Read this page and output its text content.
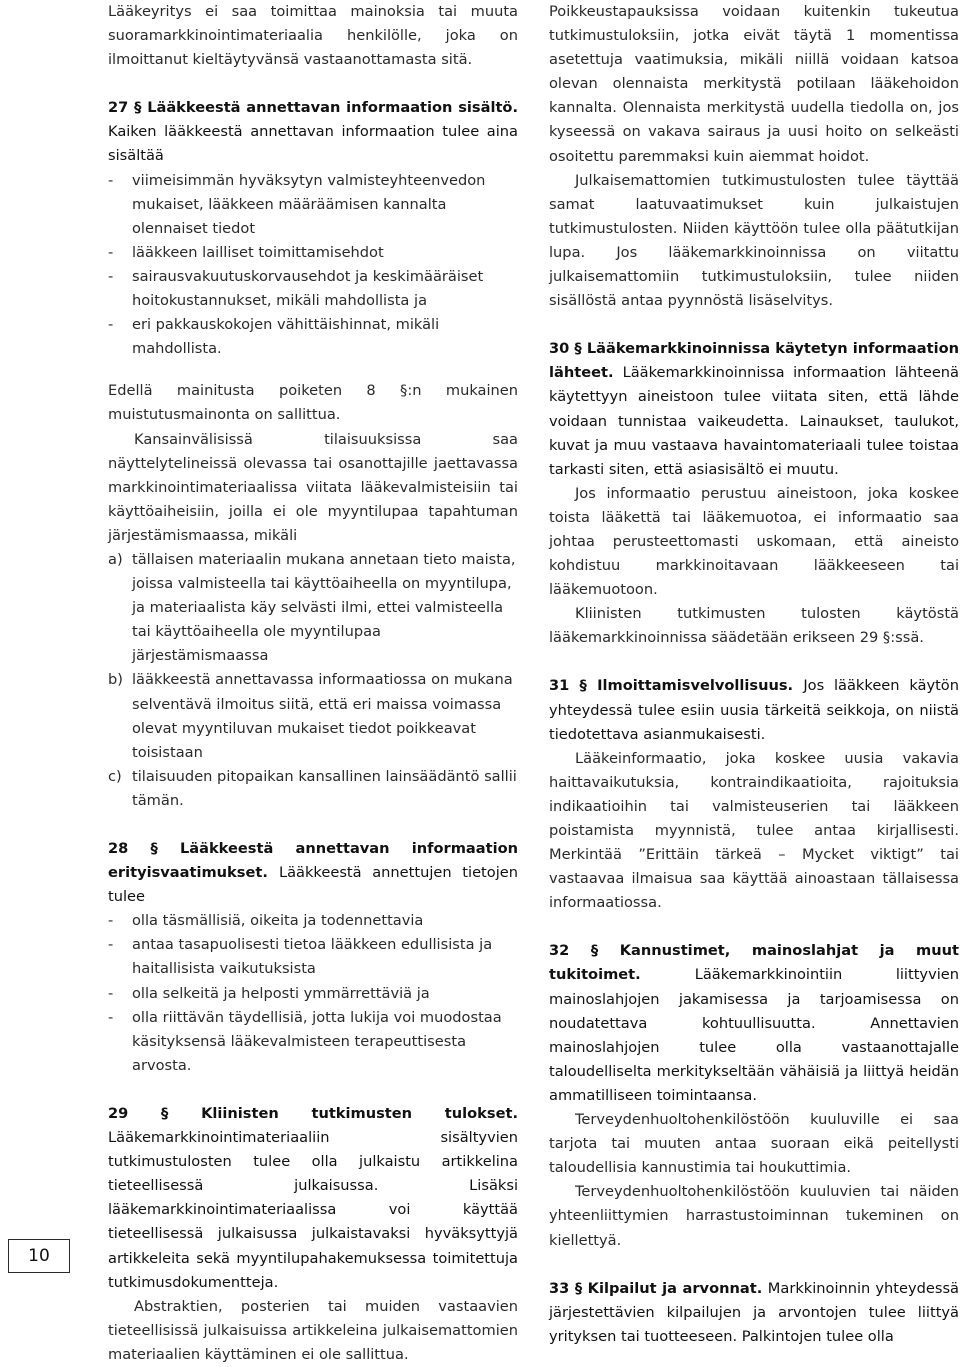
10

Lääkeyritys ei saa toimittaa mainoksia tai muuta suoramarkkinointimateriaalia henkilölle, joka on ilmoittanut kieltäytyvänsä vastaanottamasta sitä.

27 § Lääkkeestä annettavan informaation sisältö. Kaiken lääkkeestä annettavan informaation tulee aina sisältää

- viimeisimmän hyväksytyn valmisteyhteenvedon mukaiset, lääkkeen määräämisen kannalta olennaiset tiedot

- lääkkeen lailliset toimittamisehdot

- sairausvakuutuskorvausehdot ja keskimääräiset hoitokustannukset, mikäli mahdollista ja

- eri pakkauskokojen vähittäishinnat, mikäli mahdollista.

Edellä mainitusta poiketen 8 §:n mukainen muistutusmainonta on sallittua.

Kansainvälisissä tilaisuuksissa saa näyttelytelineissä olevassa tai osanottajille jaettavassa markkinointimateriaalissa viitata lääkevalmisteisiin tai käyttöaiheisiin, joilla ei ole myyntilupaa tapahtuman järjestämismaassa, mikäli

a) tällaisen materiaalin mukana annetaan tieto maista, joissa valmisteella tai käyttöaiheella on myyntilupa, ja materiaalista käy selvästi ilmi, ettei valmisteella tai käyttöaiheella ole myyntilupaa järjestämismaassa

b) lääkkeestä annettavassa informaatiossa on mukana selventävä ilmoitus siitä, että eri maissa voimassa olevat myyntiluvan mukaiset tiedot poikkeavat toisistaan

c) tilaisuuden pitopaikan kansallinen lainsäädäntö sallii tämän.

28 § Lääkkeestä annettavan informaation erityisvaatimukset. Lääkkeestä annettujen tietojen tulee

- olla täsmällisiä, oikeita ja todennettavia

- antaa tasapuolisesti tietoa lääkkeen edullisista ja haitallisista vaikutuksista

- olla selkeitä ja helposti ymmärrettäviä ja

- olla riittävän täydellisiä, jotta lukija voi muodostaa käsityksensä lääkevalmisteen terapeuttisesta arvosta.

29 § Kliinisten tutkimusten tulokset. Lääkemarkkinointimateriaaliin sisältyvien tutkimustulosten tulee olla julkaistu artikkelina tieteellisessä julkaisussa. Lisäksi lääkemarkkinointimateriaalissa voi käyttää tieteellisessä julkaisussa julkaistavaksi hyväksyttyjä artikkeleita sekä myyntilupahakemuksessa toimitettuja tutkimusdokumentteja.

Abstraktien, posterien tai muiden vastaavien tieteellisissä julkaisuissa artikkeleina julkaisemattomien materiaalien käyttäminen ei ole sallittua.

Poikkeustapauksissa voidaan kuitenkin tukeutua tutkimustuloksiin, jotka eivät täytä 1 momentissa asetettuja vaatimuksia, mikäli niillä voidaan katsoa olevan olennaista merkitystä potilaan lääkehoidon kannalta. Olennaista merkitystä uudella tiedolla on, jos kyseessä on vakava sairaus ja uusi hoito on selkeästi osoitettu paremmaksi kuin aiemmat hoidot.

Julkaisemattomien tutkimustulosten tulee täyttää samat laatuvaatimukset kuin julkaistujen tutkimustulosten. Niiden käyttöön tulee olla päätutkijan lupa. Jos lääkemarkkinoinnissa on viitattu julkaisemattomiin tutkimustuloksiin, tulee niiden sisällöstä antaa pyynnöstä lisäselvitys.

30 § Lääkemarkkinoinnissa käytetyn informaation lähteet. Lääkemarkkinoinnissa informaation lähteenä käytettyyn aineistoon tulee viitata siten, että lähde voidaan tunnistaa vaikeudetta. Lainaukset, taulukot, kuvat ja muu vastaava havaintomateriaali tulee toistaa tarkasti siten, että asiasisältö ei muutu.

Jos informaatio perustuu aineistoon, joka koskee toista lääkettä tai lääkemuotoa, ei informaatio saa johtaa perusteettomasti uskomaan, että aineisto kohdistuu markkinoitavaan lääkkeeseen tai lääkemuotoon.

Kliinisten tutkimusten tulosten käytöstä lääkemarkkinoinnissa säädetään erikseen 29 §:ssä.

31 § Ilmoittamisvelvollisuus. Jos lääkkeen käytön yhteydessä tulee esiin uusia tärkeitä seikkoja, on niistä tiedotettava asianmukaisesti.

Lääkeinformaatio, joka koskee uusia vakavia haittavaikutuksia, kontraindikaatioita, rajoituksia indikaatioihin tai valmisteuserien tai lääkkeen poistamista myynnistä, tulee antaa kirjallisesti. Merkintää ”Erittäin tärkeä – Mycket viktigt” tai vastaavaa ilmaisua saa käyttää ainoastaan tällaisessa informaatiossa.

32 § Kannustimet, mainoslahjat ja muut tukitoimet.	Lääkemarkkinointiin liittyvien mainoslahjojen jakamisessa ja tarjoamisessa on noudatettava kohtuullisuutta. Annettavien mainoslahjojen tulee olla vastaanottajalle taloudelliselta merkitykseltään vähäisiä ja liittyä heidän ammatilliseen toimintaansa.

Terveydenhuoltohenkilöstöön kuuluville ei saa tarjota tai muuten antaa suoraan eikä peitellysti taloudellisia kannustimia tai houkuttimia.

Terveydenhuoltohenkilöstöön kuuluvien tai näiden yhteenliittymien harrastustoiminnan tukeminen on kiellettyä.

33 § Kilpailut ja arvonnat. Markkinoinnin yhteydessä järjestettävien kilpailujen ja arvontojen tulee liittyä yrityksen tai tuotteeseen. Palkintojen tulee olla
